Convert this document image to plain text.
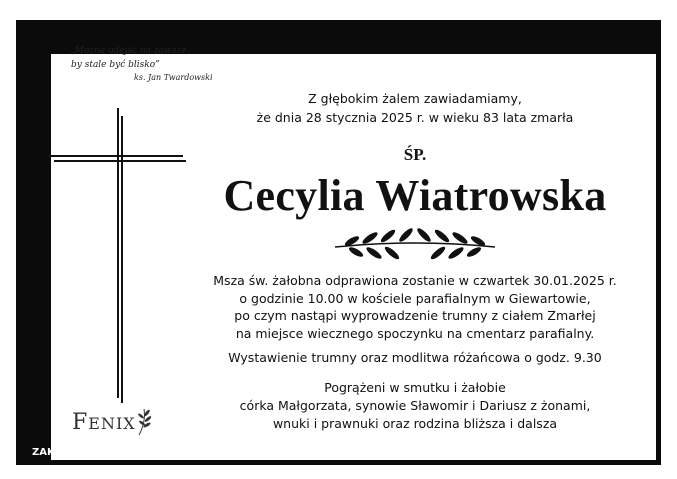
„Można odejść na zawsze,
by stale być blisko”
ks. Jan Twardowski
Z głębokim żalem zawiadamiamy,
że dnia 28 stycznia 2025 r. w wieku 83 lata zmarła
ŚP.
Cecylia Wiatrowska
Msza św. żałobna odprawiona zostanie w czwartek 30.01.2025 r.
o godzinie 10.00 w kościele parafialnym w Giewartowie,
po czym nastąpi wyprowadzenie trumny z ciałem Zmarłej
na miejsce wiecznego spoczynku na cmentarz parafialny.
Wystawienie trumny oraz modlitwa różańcowa o godz. 9.30
Pogrążeni w smutku i żałobie
córka Małgorzata, synowie Sławomir i Dariusz z żonami,
wnuki i prawnuki oraz rodzina bliższa i dalsza
FENIX
ZAKŁAD POGRZEBOWY M.M. Cajler	Słupca, Plac Szkolny 2, tel. 695 407 187
